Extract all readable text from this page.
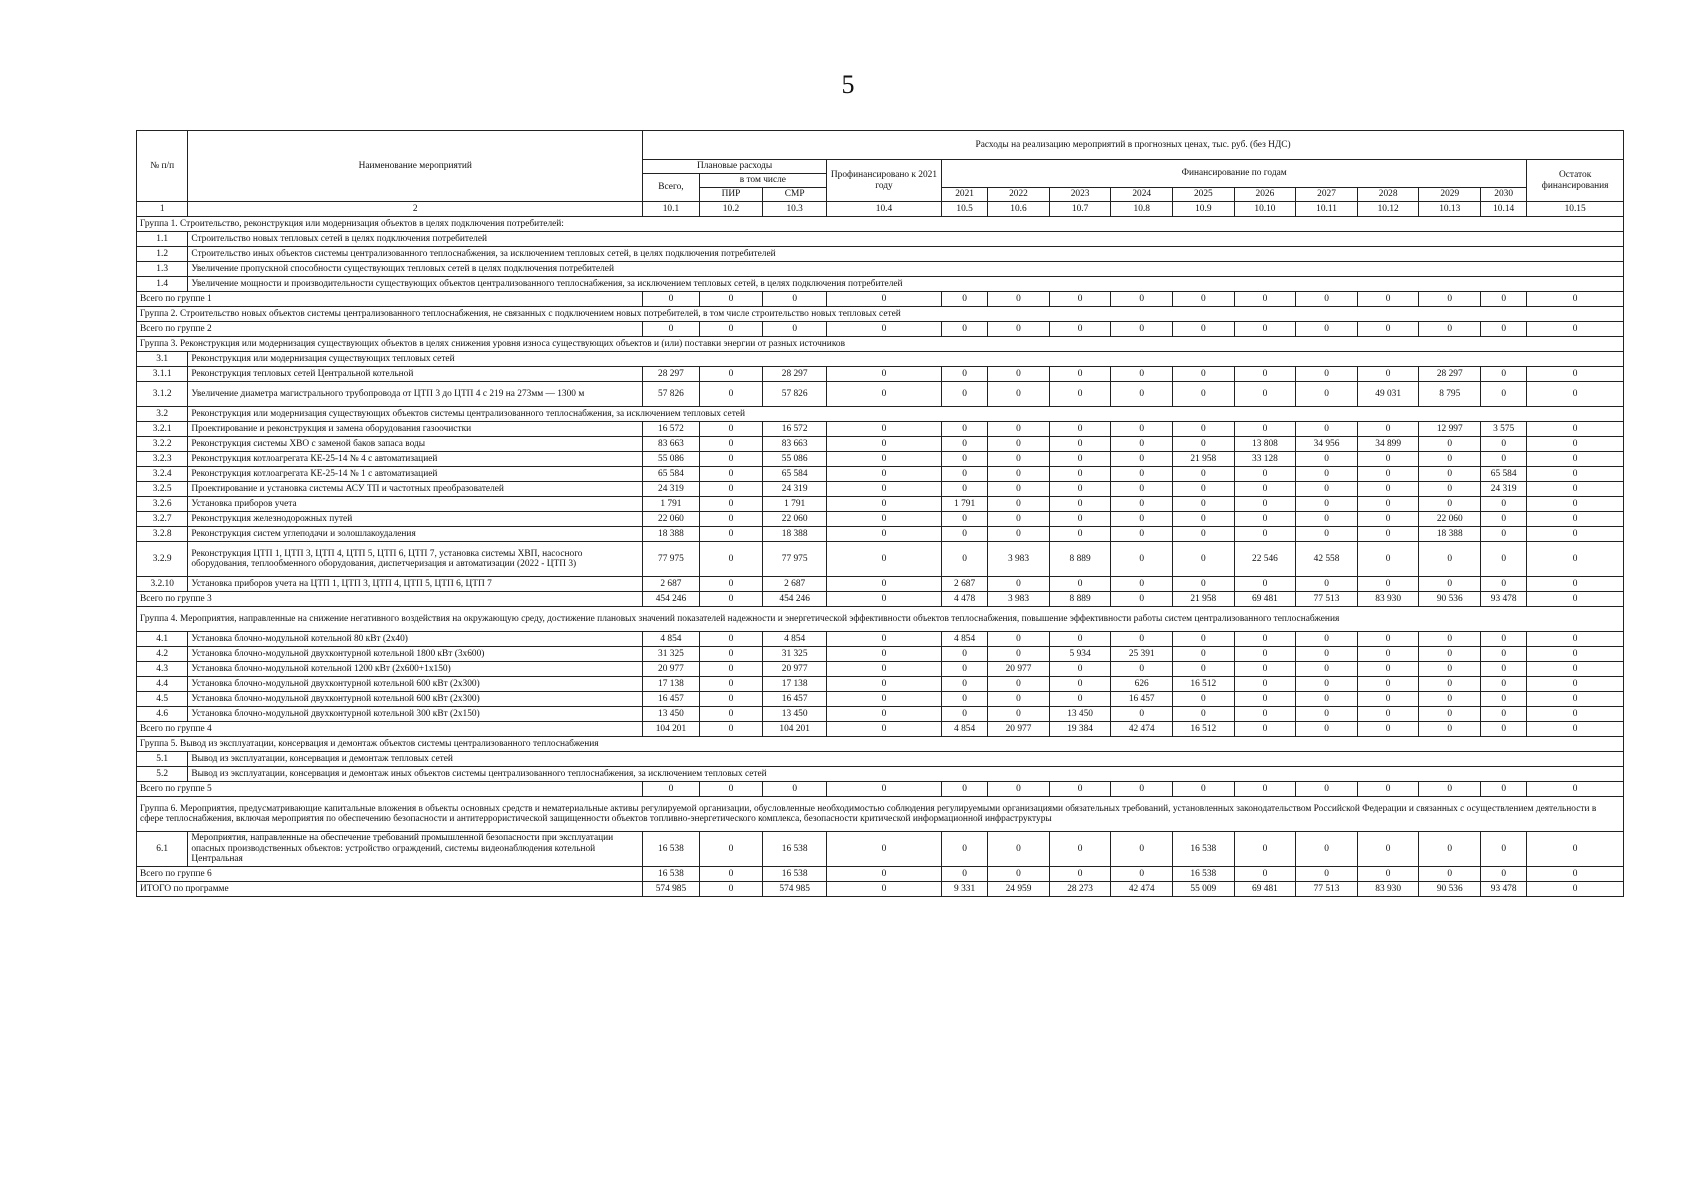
5
№ п/п	Наименование мероприятий	Расходы на реализацию мероприятий в прогнозных ценах, тыс. руб. (без НДС)														
		Плановые расходы			Профинансировано к 2021 году	Финансирование по годам										Остаток финансирования
		Всего,	в том числе													
			ПИР	СМР		2021	2022	2023	2024	2025	2026	2027	2028	2029	2030	
1	2	10.1	10.2	10.3	10.4	10.5	10.6	10.7	10.8	10.9	10.10	10.11	10.12	10.13	10.14	10.15
Группа 1. Строительство, реконструкция или модернизация объектов в целях подключения потребителей:																
1.1	Строительство новых тепловых сетей в целях подключения потребителей															
1.2	Строительство иных объектов системы централизованного теплоснабжения, за исключением тепловых сетей, в целях подключения потребителей															
1.3	Увеличение пропускной способности существующих тепловых сетей в целях подключения потребителей															
1.4	Увеличение мощности и производительности существующих объектов централизованного теплоснабжения, за исключением тепловых сетей, в целях подключения потребителей															
Всего по группе 1		0	0	0	0	0	0	0	0	0	0	0	0	0	0	0
Группа 2. Строительство новых объектов системы централизованного теплоснабжения, не связанных с подключением новых потребителей, в том числе строительство новых тепловых сетей																
Всего по группе 2		0	0	0	0	0	0	0	0	0	0	0	0	0	0	0
Группа 3. Реконструкция или модернизация существующих объектов в целях снижения уровня износа существующих объектов и (или) поставки энергии от разных источников																
3.1	Реконструкция или модернизация существующих тепловых сетей															
3.1.1	Реконструкция тепловых сетей Центральной котельной	28 297	0	28 297	0	0	0	0	0	0	0	0	0	28 297	0	0
3.1.2	Увеличение диаметра магистрального трубопровода от ЦТП 3 до ЦТП 4 с 219 на 273мм — 1300 м	57 826	0	57 826	0	0	0	0	0	0	0	0	49 031	8 795	0	0
3.2	Реконструкция или модернизация существующих объектов системы централизованного теплоснабжения, за исключением тепловых сетей															
3.2.1	Проектирование и реконструкция и замена оборудования газоочистки	16 572	0	16 572	0	0	0	0	0	0	0	0	0	12 997	3 575	0
3.2.2	Реконструкция системы ХВО с заменой баков запаса воды	83 663	0	83 663	0	0	0	0	0	0	13 808	34 956	34 899	0	0	0
3.2.3	Реконструкция котлоагрегата КЕ-25-14 № 4 с автоматизацией	55 086	0	55 086	0	0	0	0	0	21 958	33 128	0	0	0	0	0
3.2.4	Реконструкция котлоагрегата КЕ-25-14 № 1 с автоматизацией	65 584	0	65 584	0	0	0	0	0	0	0	0	0	0	65 584	0
3.2.5	Проектирование и установка системы АСУ ТП и частотных преобразователей	24 319	0	24 319	0	0	0	0	0	0	0	0	0	0	24 319	0
3.2.6	Установка приборов учета	1 791	0	1 791	0	1 791	0	0	0	0	0	0	0	0	0	0
3.2.7	Реконструкция железнодорожных путей	22 060	0	22 060	0	0	0	0	0	0	0	0	0	22 060	0	0
3.2.8	Реконструкция систем углеподачи и золошлакоудаления	18 388	0	18 388	0	0	0	0	0	0	0	0	0	18 388	0	0
3.2.9	Реконструкция ЦТП 1, ЦТП 3, ЦТП 4, ЦТП 5, ЦТП 6, ЦТП 7, установка системы ХВП, насосного оборудования, теплообменного оборудования, диспетчеризация и автоматизации (2022 - ЦТП 3)	77 975	0	77 975	0	0	3 983	8 889	0	0	22 546	42 558	0	0	0	0
3.2.10	Установка приборов учета на ЦТП 1, ЦТП 3, ЦТП 4, ЦТП 5, ЦТП 6, ЦТП 7	2 687	0	2 687	0	2 687	0	0	0	0	0	0	0	0	0	0
Всего по группе 3		454 246	0	454 246	0	4 478	3 983	8 889	0	21 958	69 481	77 513	83 930	90 536	93 478	0
Группа 4. Мероприятия, направленные на снижение негативного воздействия на окружающую среду, достижение плановых значений показателей надежности и энергетической эффективности объектов теплоснабжения, повышение эффективности работы систем централизованного теплоснабжения																
4.1	Установка блочно-модульной котельной 80 кВт (2х40)	4 854	0	4 854	0	4 854	0	0	0	0	0	0	0	0	0	0
4.2	Установка блочно-модульной двухконтурной котельной 1800 кВт (3х600)	31 325	0	31 325	0	0	0	5 934	25 391	0	0	0	0	0	0	0
4.3	Установка блочно-модульной котельной 1200 кВт (2х600+1х150)	20 977	0	20 977	0	0	20 977	0	0	0	0	0	0	0	0	0
4.4	Установка блочно-модульной двухконтурной котельной 600 кВт (2х300)	17 138	0	17 138	0	0	0	0	626	16 512	0	0	0	0	0	0
4.5	Установка блочно-модульной двухконтурной котельной 600 кВт (2х300)	16 457	0	16 457	0	0	0	0	16 457	0	0	0	0	0	0	0
4.6	Установка блочно-модульной двухконтурной котельной 300 кВт (2х150)	13 450	0	13 450	0	0	0	13 450	0	0	0	0	0	0	0	0
Всего по группе 4		104 201	0	104 201	0	4 854	20 977	19 384	42 474	16 512	0	0	0	0	0	0
Группа 5. Вывод из эксплуатации, консервация и демонтаж объектов системы централизованного теплоснабжения																
5.1	Вывод из эксплуатации, консервация и демонтаж тепловых сетей															
5.2	Вывод из эксплуатации, консервация и демонтаж иных объектов системы централизованного теплоснабжения, за исключением тепловых сетей															
Всего по группе 5		0	0	0	0	0	0	0	0	0	0	0	0	0	0	0
Группа 6. Мероприятия, предусматривающие капитальные вложения в объекты основных средств и нематериальные активы регулируемой организации, обусловленные необходимостью соблюдения регулируемыми организациями обязательных требований, установленных законодательством Российской Федерации и связанных с осуществлением деятельности в сфере теплоснабжения, включая мероприятия по обеспечению безопасности и антитеррористической защищенности объектов топливно-энергетического комплекса, безопасности критической информационной инфраструктуры																
6.1	Мероприятия, направленные на обеспечение требований промышленной безопасности при эксплуатации опасных производственных объектов: устройство ограждений, системы видеонаблюдения котельной Центральная	16 538	0	16 538	0	0	0	0	0	16 538	0	0	0	0	0	0
Всего по группе 6		16 538	0	16 538	0	0	0	0	0	16 538	0	0	0	0	0	0
ИТОГО по программе		574 985	0	574 985	0	9 331	24 959	28 273	42 474	55 009	69 481	77 513	83 930	90 536	93 478	0
